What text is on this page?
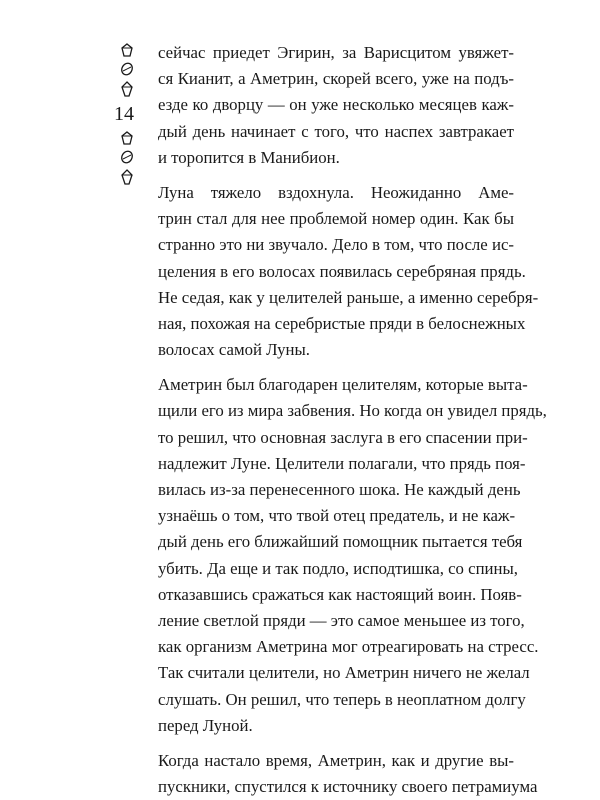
14
сейчас приедет Эгирин, за Варисцитом увяжет-
ся Кианит, а Аметрин, скорей всего, уже на подъ-
езде ко дворцу — он уже несколько месяцев каж-
дый день начинает с того, что наспех завтракает
и торопится в Манибион.
Луна тяжело вздохнула. Неожиданно Аме-
трин стал для нее проблемой номер один. Как бы
странно это ни звучало. Дело в том, что после ис-
целения в его волосах появилась серебряная прядь.
Не седая, как у целителей раньше, а именно серебря-
ная, похожая на серебристые пряди в белоснежных
волосах самой Луны.
Аметрин был благодарен целителям, которые выта-
щили его из мира забвения. Но когда он увидел прядь,
то решил, что основная заслуга в его спасении при-
надлежит Луне. Целители полагали, что прядь поя-
вилась из-за перенесенного шока. Не каждый день
узнаёшь о том, что твой отец предатель, и не каж-
дый день его ближайший помощник пытается тебя
убить. Да еще и так подло, исподтишка, со спины,
отказавшись сражаться как настоящий воин. Появ-
ление светлой пряди — это самое меньшее из того,
как организм Аметрина мог отреагировать на стресс.
Так считали целители, но Аметрин ничего не желал
слушать. Он решил, что теперь в неоплатном долгу
перед Луной.
Когда настало время, Аметрин, как и другие вы-
пускники, спустился к источнику своего петрамиума
